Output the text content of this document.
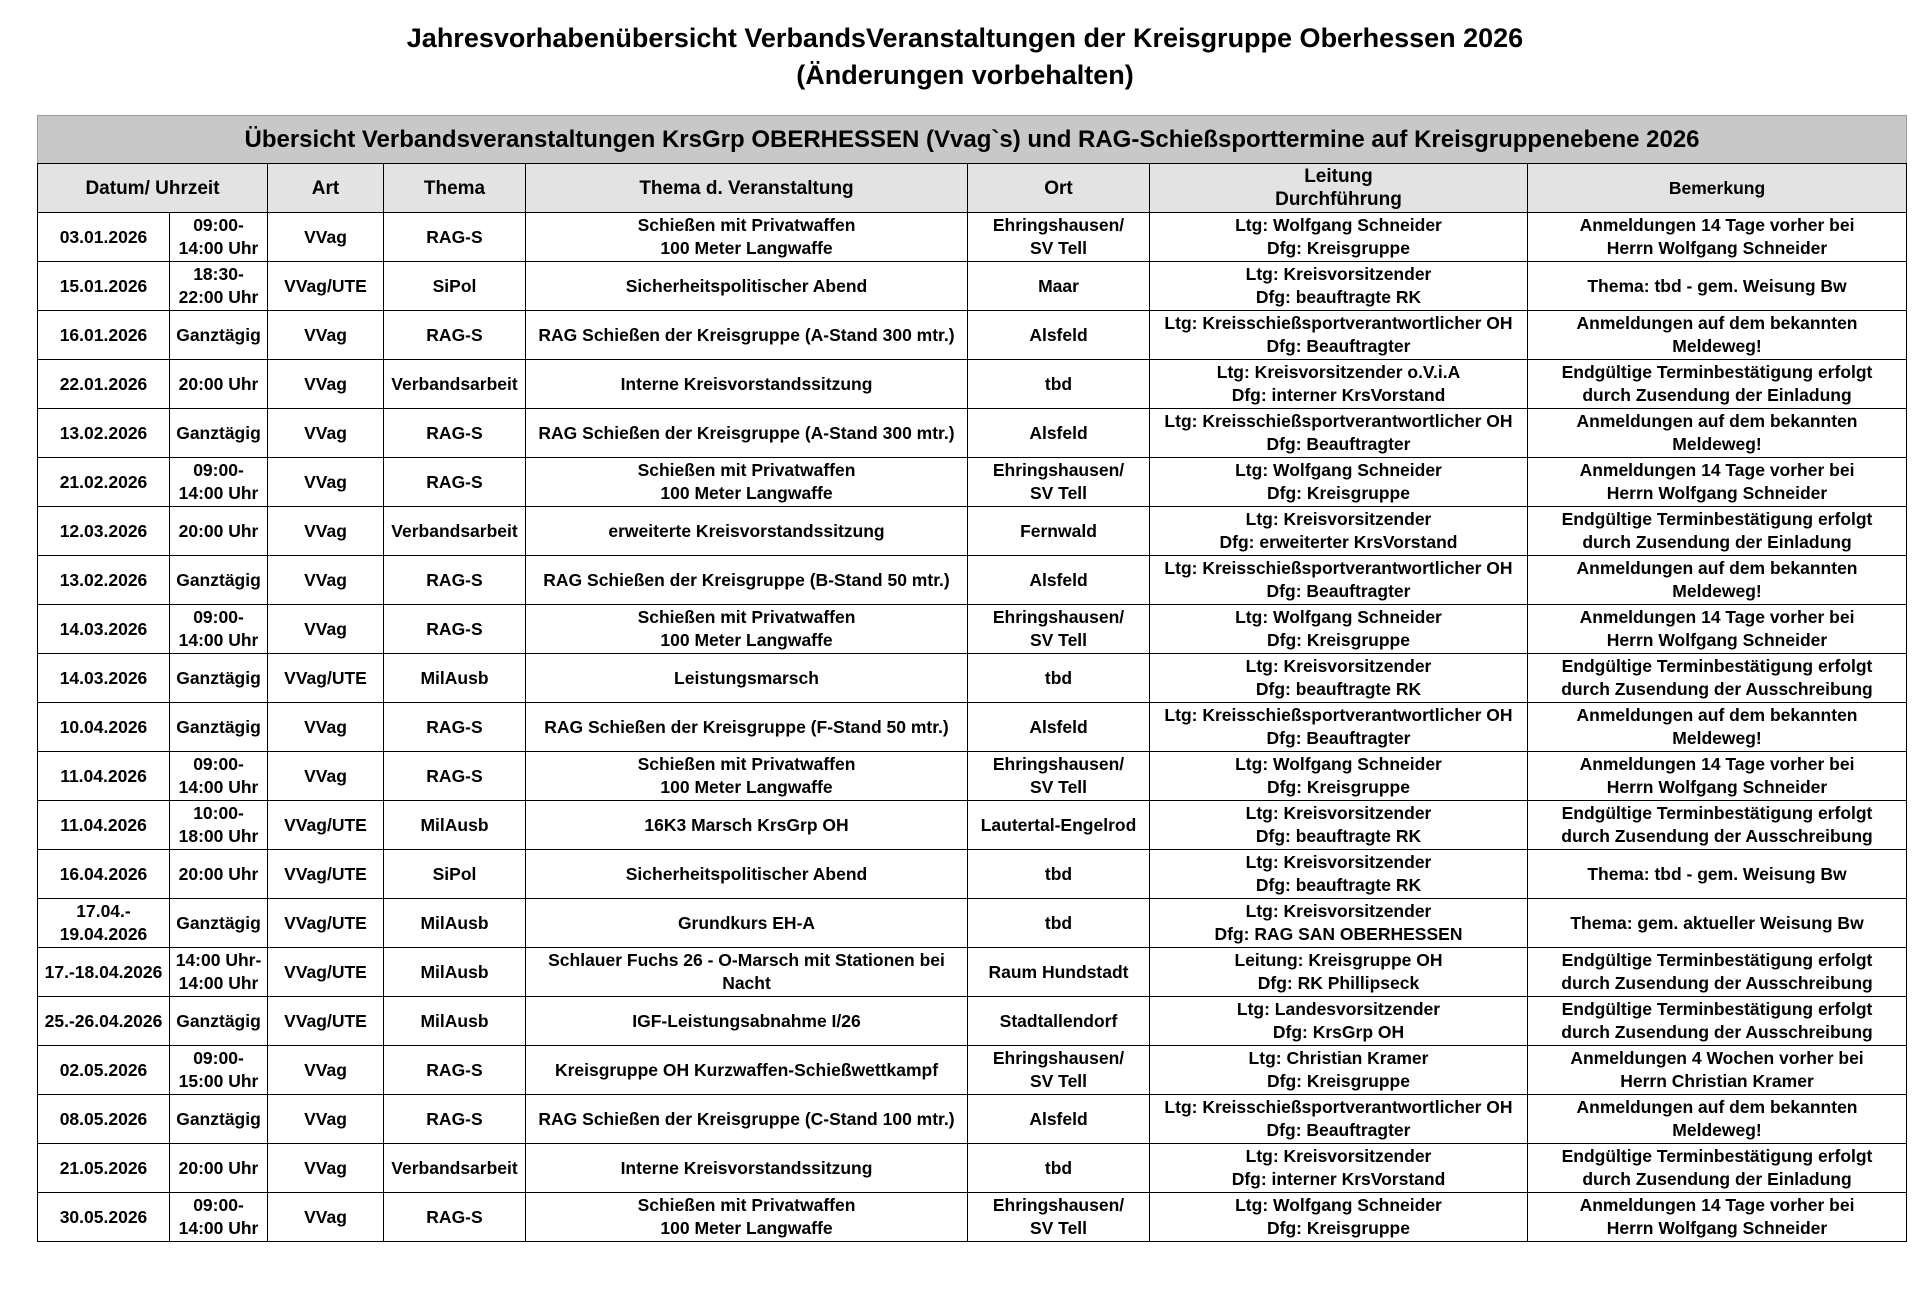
Jahresvorhabenübersicht VerbandsVeranstaltungen der Kreisgruppe Oberhessen 2026
(Änderungen vorbehalten)
Übersicht Verbandsveranstaltungen KrsGrp OBERHESSEN (Vvag`s) und RAG-Schießsporttermine auf Kreisgruppenebene 2026							
Datum/ Uhrzeit		Art	Thema	Thema d. Veranstaltung	Ort	Leitung
Durchführung	Bemerkung
03.01.2026	09:00-
14:00 Uhr	VVag	RAG-S	Schießen mit Privatwaffen
100 Meter Langwaffe	Ehringshausen/
SV Tell	Ltg: Wolfgang Schneider
Dfg: Kreisgruppe	Anmeldungen 14 Tage vorher bei
Herrn Wolfgang Schneider
15.01.2026	18:30-
22:00 Uhr	VVag/UTE	SiPol	Sicherheitspolitischer Abend	Maar	Ltg: Kreisvorsitzender
Dfg: beauftragte RK	Thema: tbd - gem. Weisung Bw
16.01.2026	Ganztägig	VVag	RAG-S	RAG Schießen der Kreisgruppe (A-Stand 300 mtr.)	Alsfeld	Ltg: Kreisschießsportverantwortlicher OH
Dfg: Beauftragter	Anmeldungen auf dem bekannten
Meldeweg!
22.01.2026	20:00 Uhr	VVag	Verbandsarbeit	Interne Kreisvorstandssitzung	tbd	Ltg: Kreisvorsitzender o.V.i.A
Dfg: interner KrsVorstand	Endgültige Terminbestätigung erfolgt
durch Zusendung der Einladung
13.02.2026	Ganztägig	VVag	RAG-S	RAG Schießen der Kreisgruppe (A-Stand 300 mtr.)	Alsfeld	Ltg: Kreisschießsportverantwortlicher OH
Dfg: Beauftragter	Anmeldungen auf dem bekannten
Meldeweg!
21.02.2026	09:00-
14:00 Uhr	VVag	RAG-S	Schießen mit Privatwaffen
100 Meter Langwaffe	Ehringshausen/
SV Tell	Ltg: Wolfgang Schneider
Dfg: Kreisgruppe	Anmeldungen 14 Tage vorher bei
Herrn Wolfgang Schneider
12.03.2026	20:00 Uhr	VVag	Verbandsarbeit	erweiterte Kreisvorstandssitzung	Fernwald	Ltg: Kreisvorsitzender
Dfg: erweiterter KrsVorstand	Endgültige Terminbestätigung erfolgt
durch Zusendung der Einladung
13.02.2026	Ganztägig	VVag	RAG-S	RAG Schießen der Kreisgruppe (B-Stand 50 mtr.)	Alsfeld	Ltg: Kreisschießsportverantwortlicher OH
Dfg: Beauftragter	Anmeldungen auf dem bekannten
Meldeweg!
14.03.2026	09:00-
14:00 Uhr	VVag	RAG-S	Schießen mit Privatwaffen
100 Meter Langwaffe	Ehringshausen/
SV Tell	Ltg: Wolfgang Schneider
Dfg: Kreisgruppe	Anmeldungen 14 Tage vorher bei
Herrn Wolfgang Schneider
14.03.2026	Ganztägig	VVag/UTE	MilAusb	Leistungsmarsch	tbd	Ltg: Kreisvorsitzender
Dfg: beauftragte RK	Endgültige Terminbestätigung erfolgt
durch Zusendung der Ausschreibung
10.04.2026	Ganztägig	VVag	RAG-S	RAG Schießen der Kreisgruppe (F-Stand 50 mtr.)	Alsfeld	Ltg: Kreisschießsportverantwortlicher OH
Dfg: Beauftragter	Anmeldungen auf dem bekannten
Meldeweg!
11.04.2026	09:00-
14:00 Uhr	VVag	RAG-S	Schießen mit Privatwaffen
100 Meter Langwaffe	Ehringshausen/
SV Tell	Ltg: Wolfgang Schneider
Dfg: Kreisgruppe	Anmeldungen 14 Tage vorher bei
Herrn Wolfgang Schneider
11.04.2026	10:00-
18:00 Uhr	VVag/UTE	MilAusb	16K3 Marsch KrsGrp OH	Lautertal-Engelrod	Ltg: Kreisvorsitzender
Dfg: beauftragte RK	Endgültige Terminbestätigung erfolgt
durch Zusendung der Ausschreibung
16.04.2026	20:00 Uhr	VVag/UTE	SiPol	Sicherheitspolitischer Abend	tbd	Ltg: Kreisvorsitzender
Dfg: beauftragte RK	Thema: tbd - gem. Weisung Bw
17.04.-
19.04.2026	Ganztägig	VVag/UTE	MilAusb	Grundkurs EH-A	tbd	Ltg: Kreisvorsitzender
Dfg: RAG SAN OBERHESSEN	Thema: gem. aktueller Weisung Bw
17.-18.04.2026	14:00 Uhr-
14:00 Uhr	VVag/UTE	MilAusb	Schlauer Fuchs 26 - O-Marsch mit Stationen bei
Nacht	Raum Hundstadt	Leitung: Kreisgruppe OH
Dfg: RK Phillipseck	Endgültige Terminbestätigung erfolgt
durch Zusendung der Ausschreibung
25.-26.04.2026	Ganztägig	VVag/UTE	MilAusb	IGF-Leistungsabnahme I/26	Stadtallendorf	Ltg: Landesvorsitzender
Dfg: KrsGrp OH	Endgültige Terminbestätigung erfolgt
durch Zusendung der Ausschreibung
02.05.2026	09:00-
15:00 Uhr	VVag	RAG-S	Kreisgruppe OH Kurzwaffen-Schießwettkampf	Ehringshausen/
SV Tell	Ltg: Christian Kramer
Dfg: Kreisgruppe	Anmeldungen 4 Wochen vorher bei
Herrn Christian Kramer
08.05.2026	Ganztägig	VVag	RAG-S	RAG Schießen der Kreisgruppe (C-Stand 100 mtr.)	Alsfeld	Ltg: Kreisschießsportverantwortlicher OH
Dfg: Beauftragter	Anmeldungen auf dem bekannten
Meldeweg!
21.05.2026	20:00 Uhr	VVag	Verbandsarbeit	Interne Kreisvorstandssitzung	tbd	Ltg: Kreisvorsitzender
Dfg: interner KrsVorstand	Endgültige Terminbestätigung erfolgt
durch Zusendung der Einladung
30.05.2026	09:00-
14:00 Uhr	VVag	RAG-S	Schießen mit Privatwaffen
100 Meter Langwaffe	Ehringshausen/
SV Tell	Ltg: Wolfgang Schneider
Dfg: Kreisgruppe	Anmeldungen 14 Tage vorher bei
Herrn Wolfgang Schneider
